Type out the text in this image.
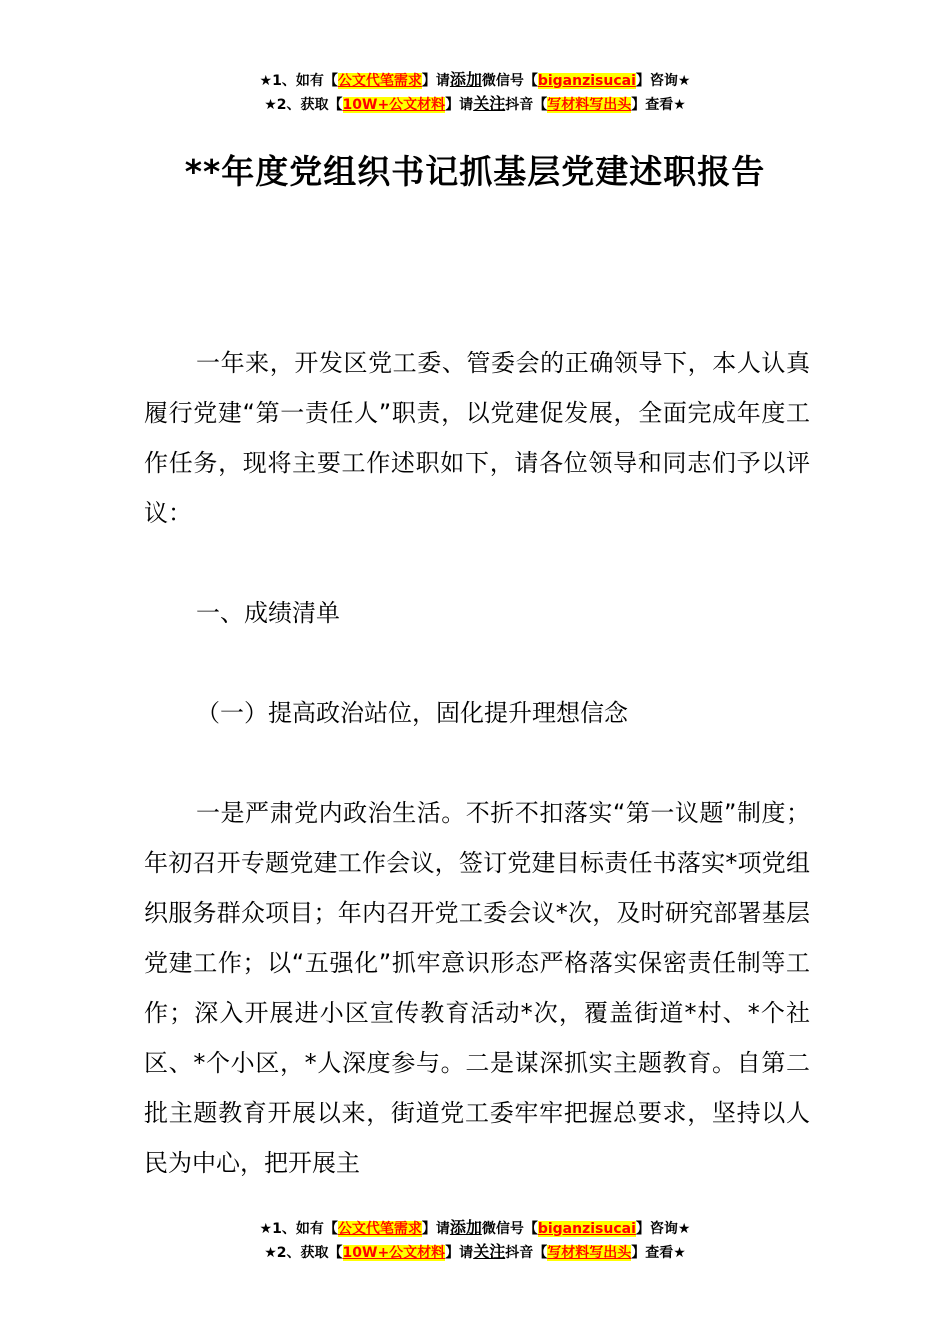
★1、如有【公文代笔需求】请添加微信号【biganzisucai】咨询★
★2、获取【10W+公文材料】请关注抖音【写材料写出头】查看★
**年度党组织书记抓基层党建述职报告

一年来，开发区党工委、管委会的正确领导下，本人认真履行党建“第一责任人”职责，以党建促发展，全面完成年度工作任务，现将主要工作述职如下，请各位领导和同志们予以评议：

一、成绩清单

（一）提高政治站位，固化提升理想信念

一是严肃党内政治生活。不折不扣落实“第一议题”制度；年初召开专题党建工作会议，签订党建目标责任书落实*项党组织服务群众项目；年内召开党工委会议*次，及时研究部署基层党建工作；以“五强化”抓牢意识形态严格落实保密责任制等工作；深入开展进小区宣传教育活动*次，覆盖街道*村、*个社区、*个小区，*人深度参与。二是谋深抓实主题教育。自第二批主题教育开展以来，街道党工委牢牢把握总要求，坚持以人民为中心，把开展主

★1、如有【公文代笔需求】请添加微信号【biganzisucai】咨询★
★2、获取【10W+公文材料】请关注抖音【写材料写出头】查看★
